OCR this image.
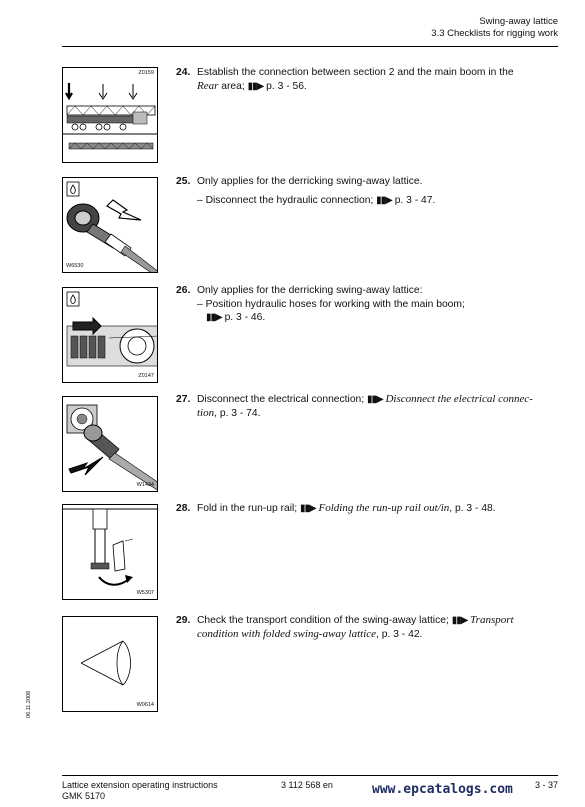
Swing-away lattice
3.3 Checklists for rigging work
Z0159 24. Establish the connection between section 2 and the main boom in the
Rear area; ▮▮▶ p. 3 - 56.
W6530
25. Only applies for the derricking swing-away lattice.
– Disconnect the hydraulic connection; ▮▮▶ p. 3 - 47.
Z0147
26. Only applies for the derricking swing-away lattice:
– Position hydraulic hoses for working with the main boom;
▮▮▶ p. 3 - 46.
W1434
27. Disconnect the electrical connection; ▮▮▶ Disconnect the electrical connec-
tion, p. 3 - 74.
W5307
28. Fold in the run-up rail; ▮▮▶ Folding the run-up rail out/in, p. 3 - 48.
W0614
29. Check the transport condition of the swing-away lattice; ▮▮▶ Transport
condition with folded swing-away lattice, p. 3 - 42.
06.11.2008
Lattice extension operating instructions
GMK 5170
3 112 568 en	www.epcatalogs.com 3 - 37
